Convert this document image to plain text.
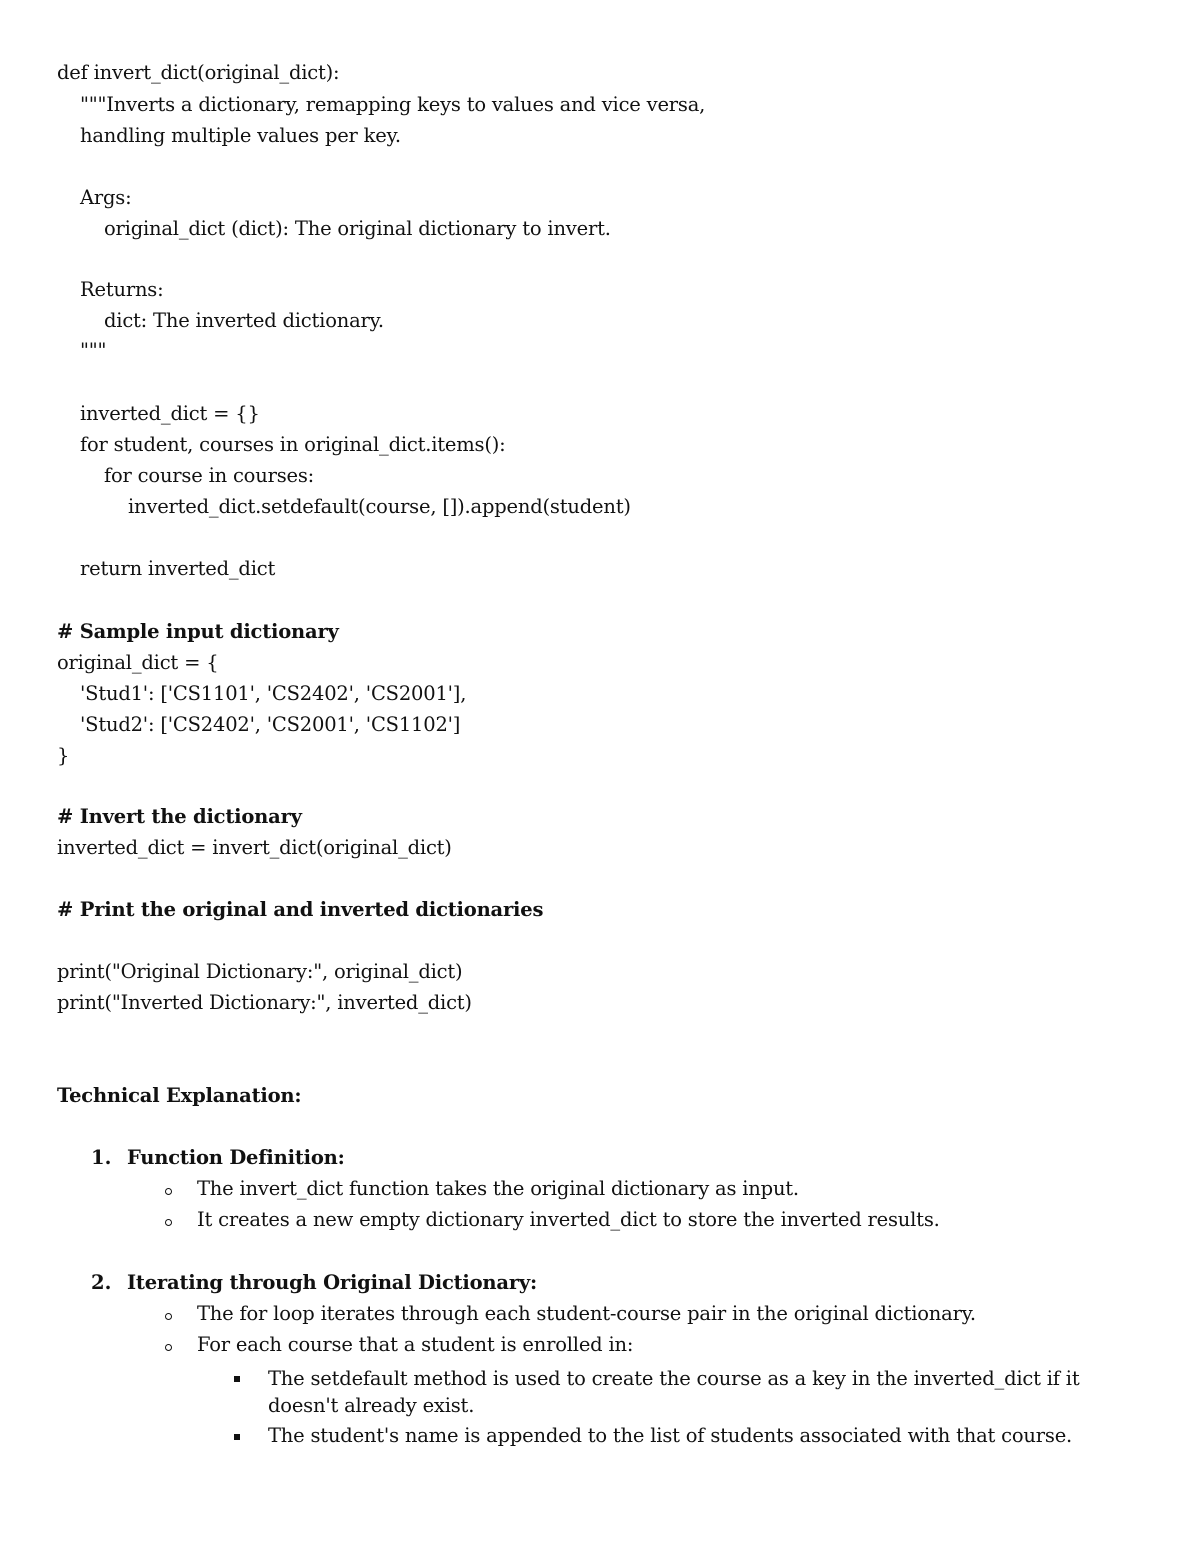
def invert_dict(original_dict):
"""Inverts a dictionary, remapping keys to values and vice versa,
handling multiple values per key.
Args:
original_dict (dict): The original dictionary to invert.
Returns:
dict: The inverted dictionary.
"""
inverted_dict = {}
for student, courses in original_dict.items():
for course in courses:
inverted_dict.setdefault(course, []).append(student)
return inverted_dict
# Sample input dictionary
original_dict = {
'Stud1': ['CS1101', 'CS2402', 'CS2001'],
'Stud2': ['CS2402', 'CS2001', 'CS1102']
}
# Invert the dictionary
inverted_dict = invert_dict(original_dict)
# Print the original and inverted dictionaries
print("Original Dictionary:", original_dict)
print("Inverted Dictionary:", inverted_dict)
Technical Explanation:
1. Function Definition:
The invert_dict function takes the original dictionary as input.
It creates a new empty dictionary inverted_dict to store the inverted results.
2. Iterating through Original Dictionary:
The for loop iterates through each student-course pair in the original dictionary.
For each course that a student is enrolled in:
The setdefault method is used to create the course as a key in the inverted_dict if it doesn't already exist.
The student's name is appended to the list of students associated with that course.
